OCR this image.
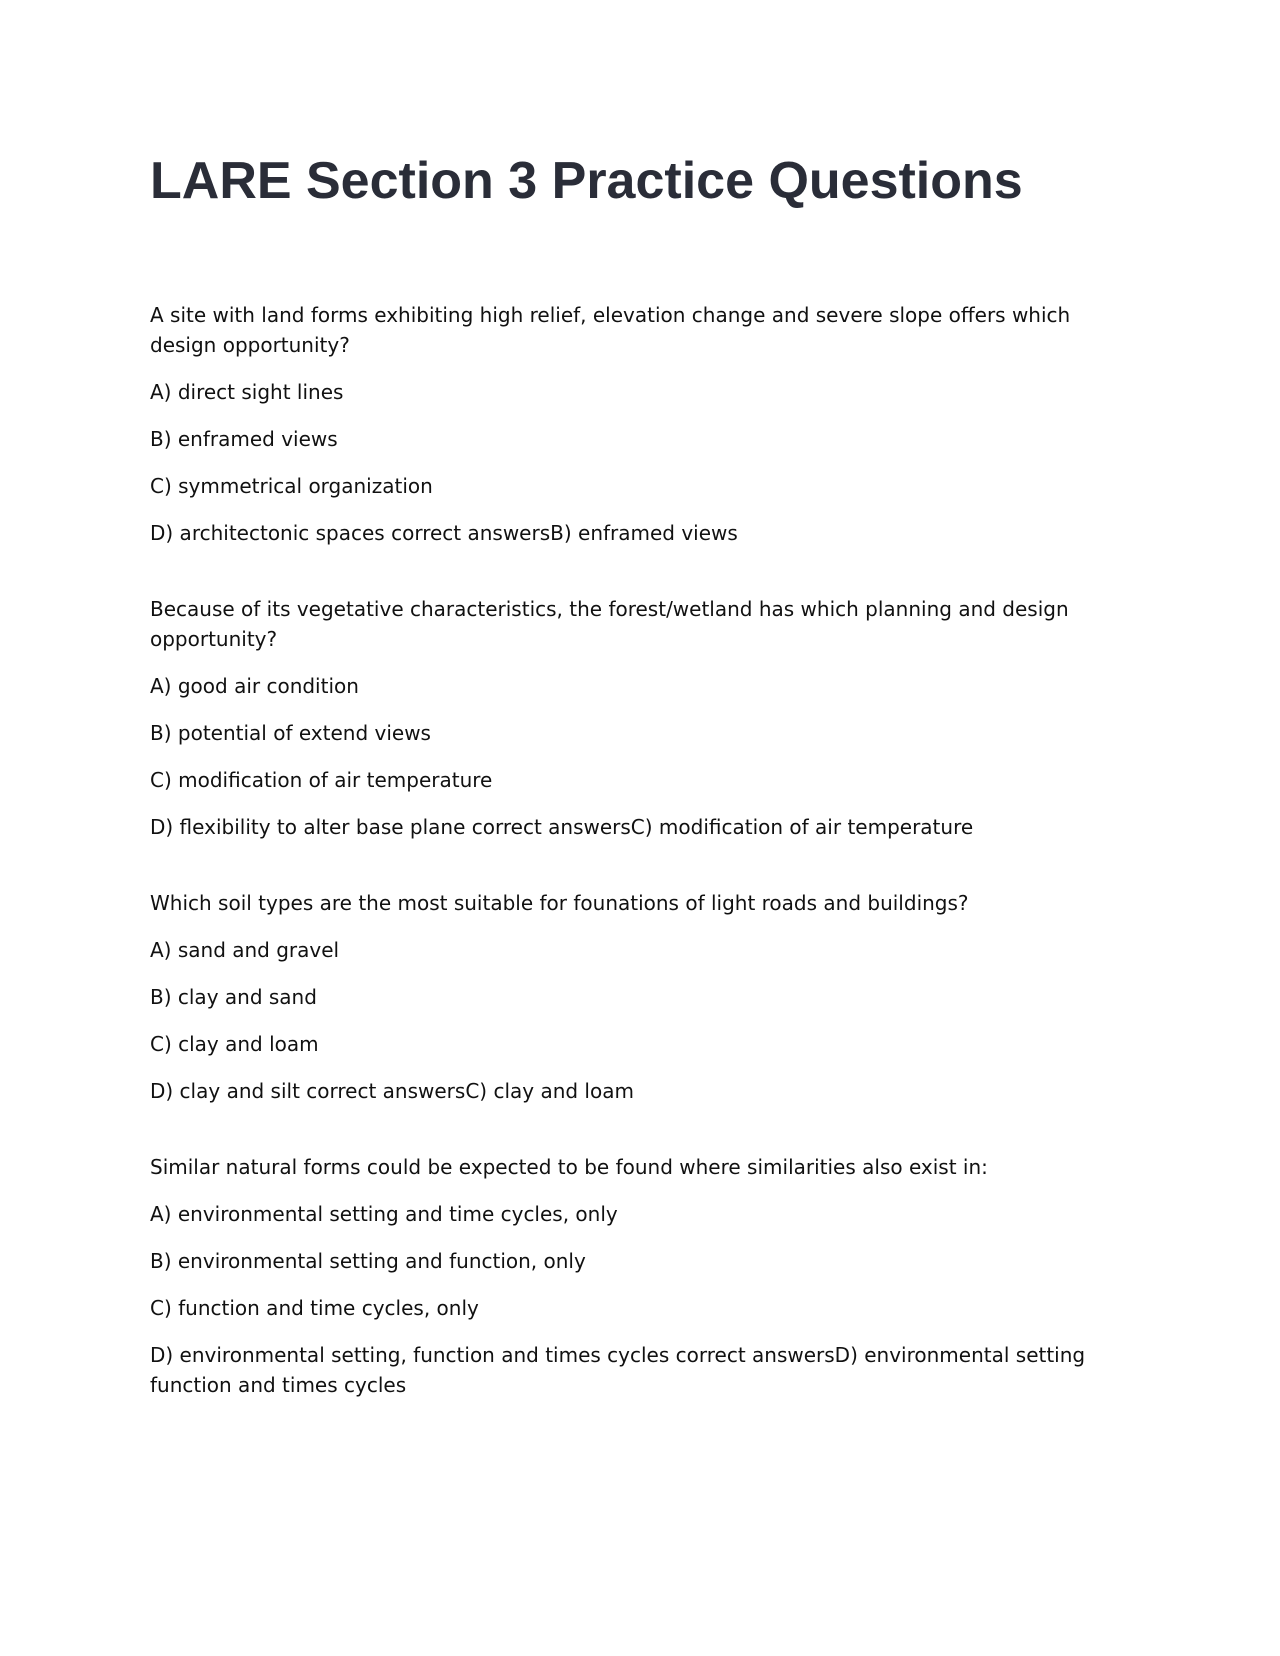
LARE Section 3 Practice Questions

A site with land forms exhibiting high relief, elevation change and severe slope offers which design opportunity?

A) direct sight lines

B) enframed views

C) symmetrical organization

D) architectonic spaces correct answersB) enframed views

Because of its vegetative characteristics, the forest/wetland has which planning and design opportunity?

A) good air condition

B) potential of extend views

C) modification of air temperature

D) flexibility to alter base plane correct answersC) modification of air temperature

Which soil types are the most suitable for founations of light roads and buildings?

A) sand and gravel

B) clay and sand

C) clay and loam

D) clay and silt correct answersC) clay and loam

Similar natural forms could be expected to be found where similarities also exist in:

A) environmental setting and time cycles, only

B) environmental setting and function, only

C) function and time cycles, only

D) environmental setting, function and times cycles correct answersD) environmental setting function and times cycles
